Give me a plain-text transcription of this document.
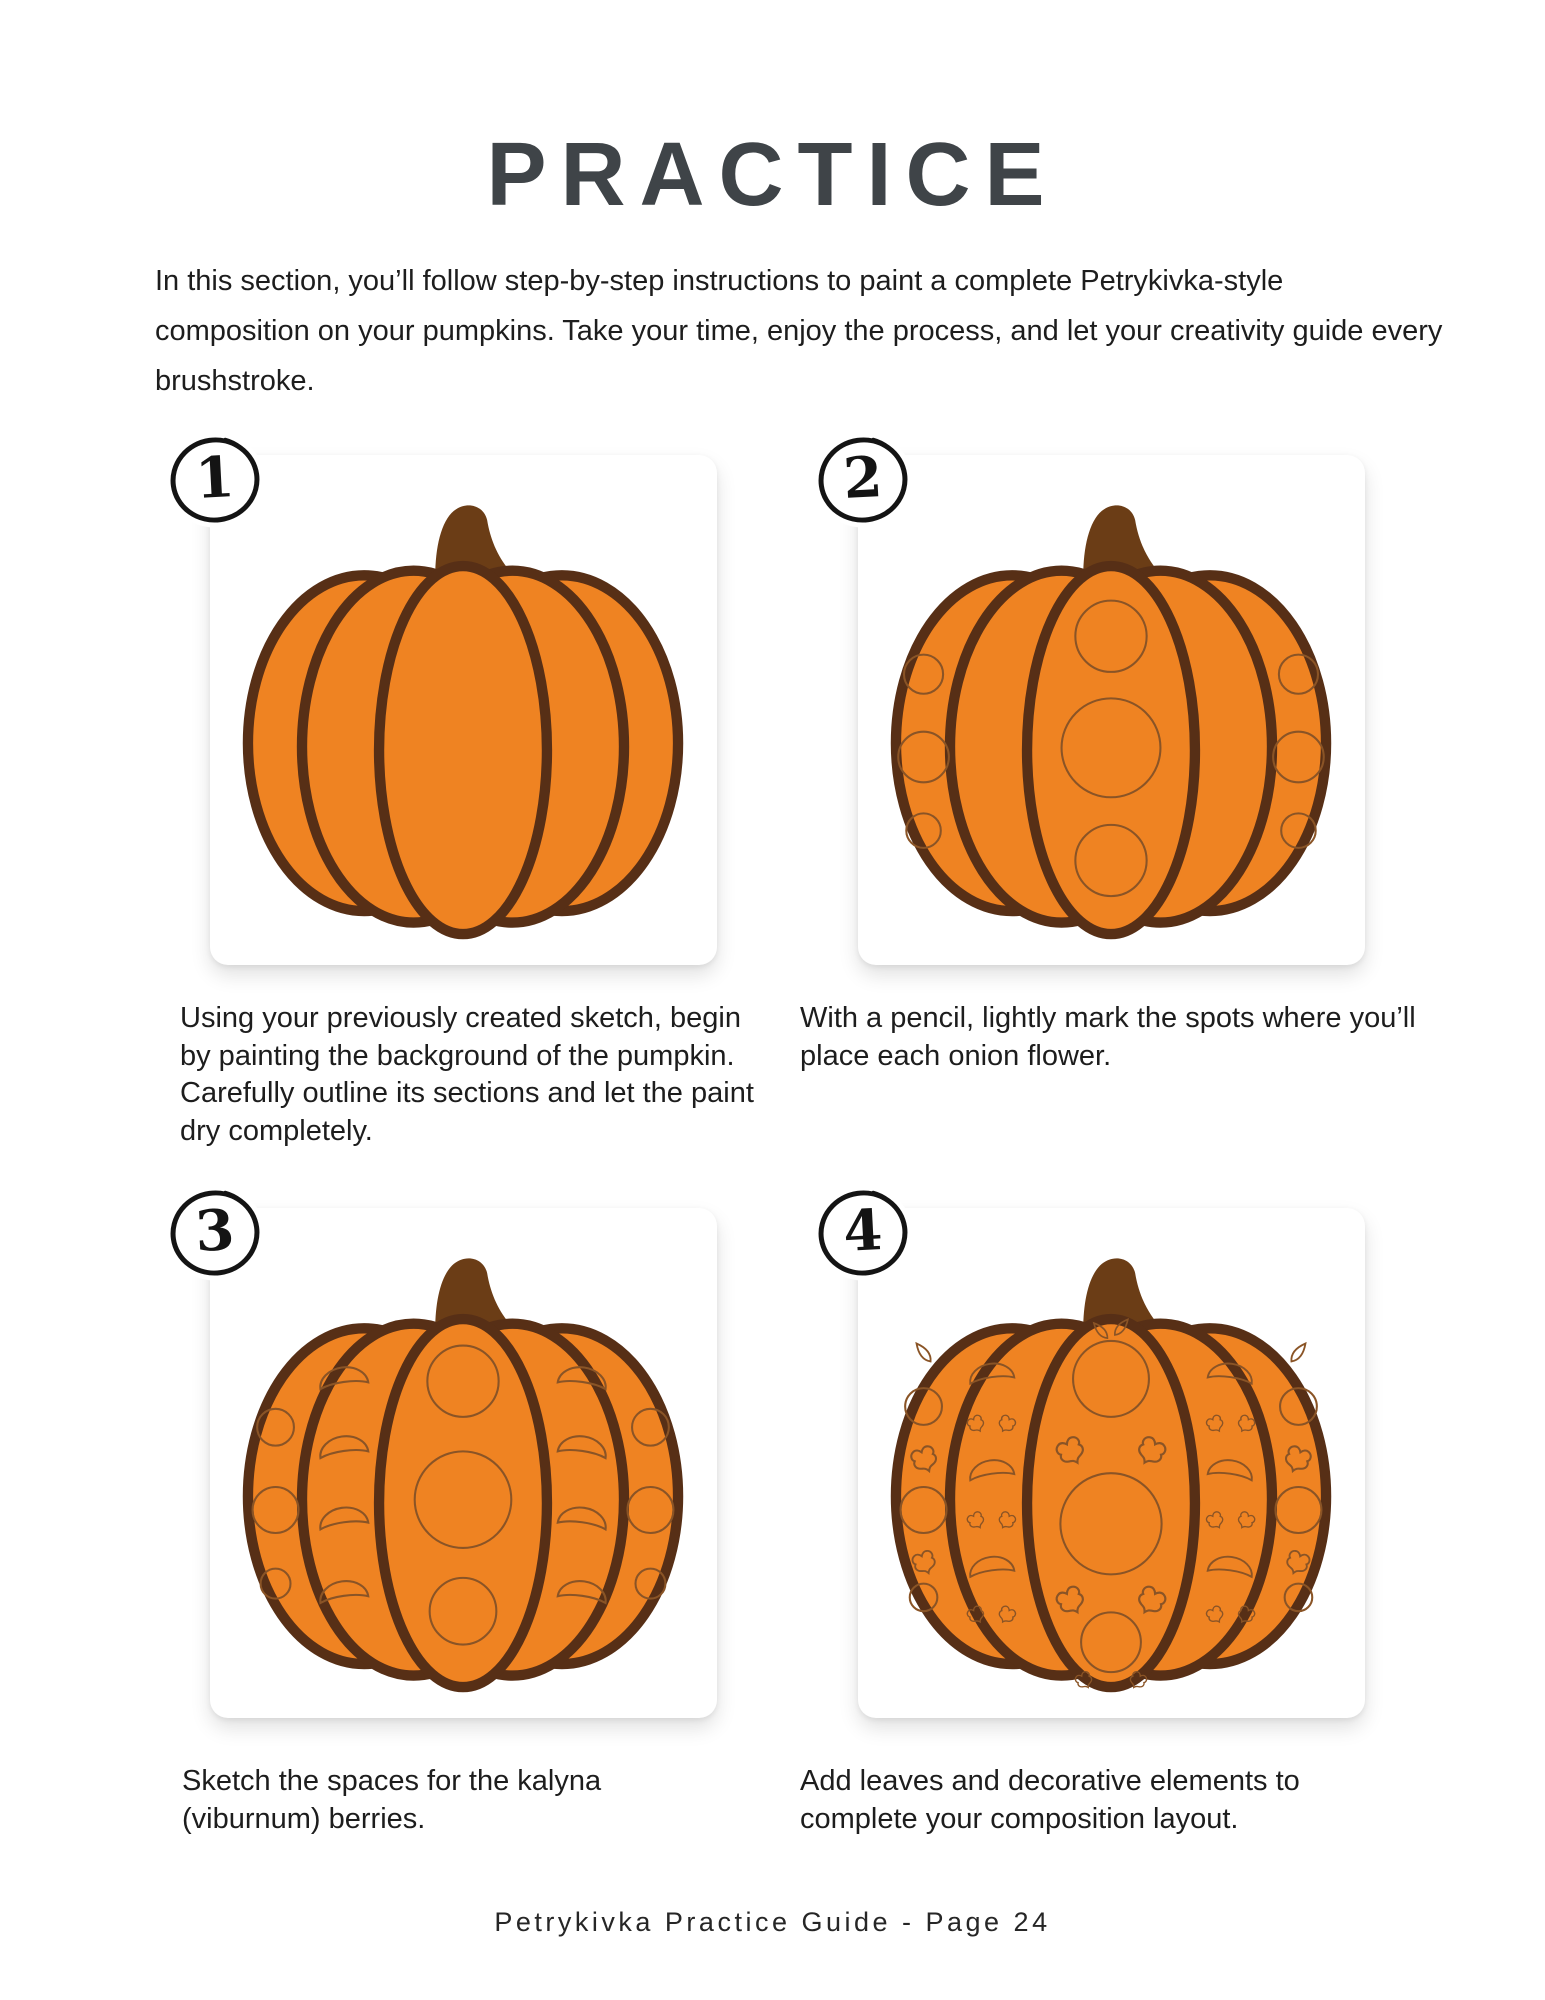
PRACTICE

In this section, you’ll follow step-by-step instructions to paint a complete Petrykivka-style composition on your pumpkins. Take your time, enjoy the process, and let your creativity guide every brushstroke.

1	2
3	4

Using your previously created sketch, begin by painting the background of the pumpkin. Carefully outline its sections and let the paint dry completely.

With a pencil, lightly mark the spots where you’ll place each onion flower.

Sketch the spaces for the kalyna (viburnum) berries.

Add leaves and decorative elements to complete your composition layout.

Petrykivka Practice Guide - Page 24
